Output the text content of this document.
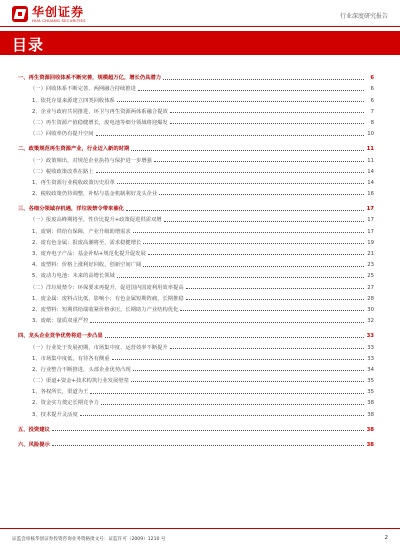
华创证券
HUA CHUANG SECURITIES
行业深度研究报告
目录
一、再生资源回收体系不断完善，规模超万亿，增长仍具潜力	6
（一）回收体系不断完善，两网融合持续推进	6
1、依托存量来源建立四类回收体系	6
2、企业与政府共同推进，环卫与再生资源两体系融合提效	7
（二）再生资源产值稳健增长，废电池等细分领域将迎爆发	8
（三）回收率仍有提升空间	10
二、政策规范再生资源产业，行业迈入新的时期	11
（一）政策频出，对规范企业执持与保护进一步增强	11
（二）税收政策改革在路上	14
1、再生资源行业税收政策历史沿革	14
2、税收政策仍待调整，补贴与基金机制利好龙头企业	16
三、各细分领域存机遇，洋垃圾禁令带来催化	17
（一）报废高峰期将至，性价比提升+政策促进供需双增	17
1、废钢：供给有保障，产业升级助增需求	17
2、废有色金属：报废高潮将至，需求稳健增长	19
3、废弃电子产品：基金补贴+规范化提升促发展	21
4、废塑料：价格上涨利好回收，创新空间广阔	23
5、废动力电池：未来的高增长领域	25
（二）洋垃圾禁令：环保要求再提升，促进国内国废利用效率提高	27
1、废金属：废料占比低，影响小；有色金属短期阵痛，长期推稳	28
2、废塑料：短期供给端收紧价格承压，长期助力产业结构优化	30
3、废纸：量质双重严控	32
四、龙头企业竞争优势将进一步凸显	33
（一）行业处于发展初期，市场集中度、运营效率不断提升	33
1、市场集中度低，有待各有侧重	33
2、行业整合不断推进，头部企业优势凸现	34
（二）渠道+资金+技术构筑行业发展壁垒	35
1、各权所长，渠道为王	35
2、资金实力奠定长期竞争力	38
3、技术提升灵活度	38
五、投资建议	38
六、风险提示	38
证监会审核华创证券投资咨询业务资格批文号：证监许可（2009）1210 号	2
